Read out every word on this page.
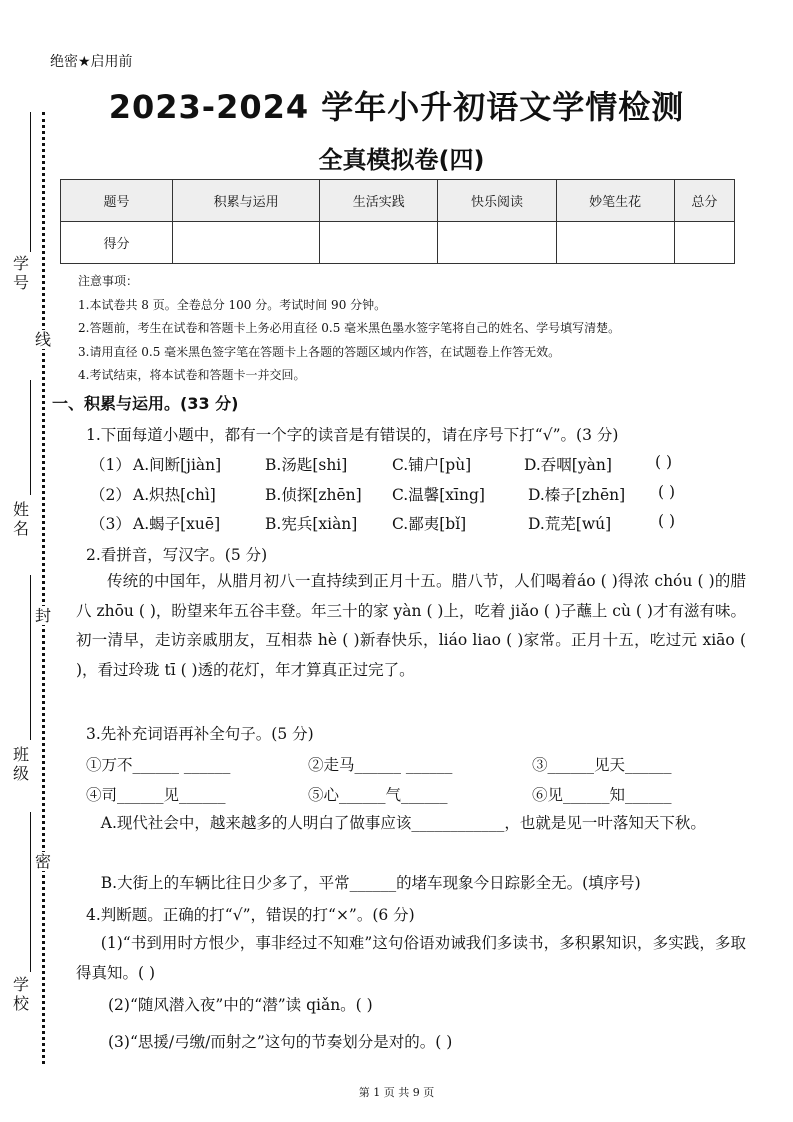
绝密★启用前
2023-2024 学年小升初语文学情检测
全真模拟卷(四)
学号
线
姓名
封
班级
密
学校
题号	积累与运用	生活实践	快乐阅读	妙笔生花	总分
得分					
注意事项：
1.本试卷共 8 页。全卷总分 100 分。考试时间 90 分钟。
2.答题前，考生在试卷和答题卡上务必用直径 0.5 毫米黑色墨水签字笔将自己的姓名、学号填写清楚。
3.请用直径 0.5 毫米黑色签字笔在答题卡上各题的答题区域内作答，在试题卷上作答无效。
4.考试结束，将本试卷和答题卡一并交回。
一、积累与运用。(33 分)
1.下面每道小题中，都有一个字的读音是有错误的，请在序号下打“√”。(3 分)
（1） A.间断[jiàn]	B.汤匙[shi]	C.铺户[pù]	D.吞咽[yàn]	( )
（2） A.炽热[chì]	B.侦探[zhēn] C.温馨[xīng]	D.榛子[zhēn] ( )
（3） A.蝎子[xuē]	B.宪兵[xiàn] C.鄙夷[bǐ]	D.荒芜[wú]	( )
2.看拼音，写汉字。(5 分)
传统的中国年，从腊月初八一直持续到正月十五。腊八节，人们喝着áo ( )得浓 chóu ( )的腊八 zhōu ( )，盼望来年五谷丰登。年三十的家 yàn ( )上，吃着 jiǎo ( )子蘸上 cù ( )才有滋有味。初一清早，走访亲戚朋友，互相恭 hè ( )新春快乐，liáo liao ( )家常。正月十五，吃过元 xiāo ( )，看过玲珑 tī ( )透的花灯，年才算真正过完了。
3.先补充词语再补全句子。(5 分)
①万不______ ______	②走马______ ______	③______见天______
④司______见______	⑤心______气______	⑥见______知______
A.现代社会中，越来越多的人明白了做事应该____________，也就是见一叶落知天下秋。
B.大街上的车辆比往日少多了，平常______的堵车现象今日踪影全无。(填序号)
4.判断题。正确的打“√”，错误的打“×”。(6 分)
(1)“书到用时方恨少，事非经过不知难”这句俗语劝诫我们多读书，多积累知识，多实践，多取得真知。( )
(2)“随风潜入夜”中的“潜”读 qiǎn。( )
(3)“思援/弓缴/而射之”这句的节奏划分是对的。( )
第 1 页 共 9 页
